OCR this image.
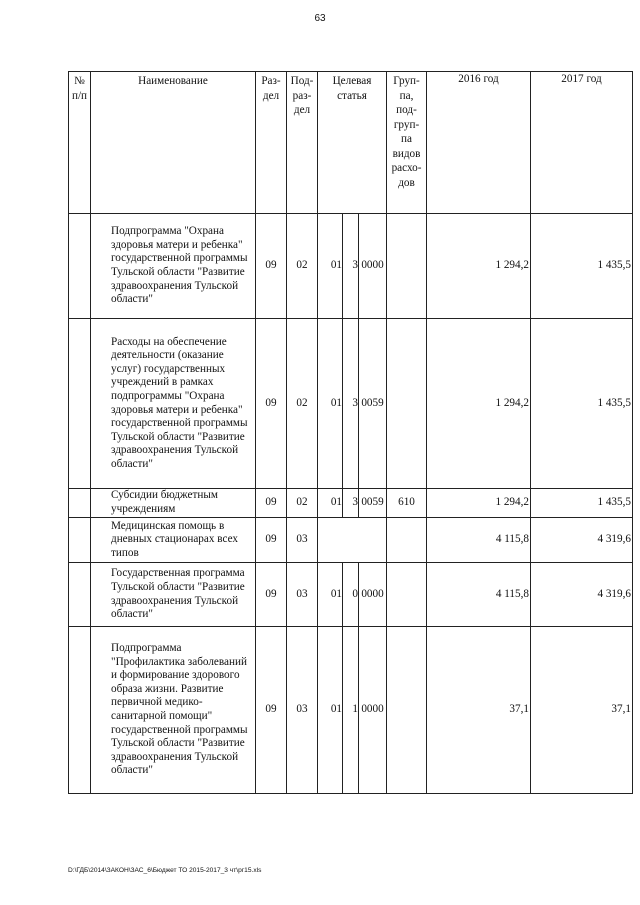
63
№ п/п	Наименование	Раз-дел	Под-раз-дел	Целевая статья			Груп-па, под-груп-па видов расхо-дов	2016 год	2017 год
	Подпрограмма "Охрана здоровья матери и ребенка" государственной программы Тульской области "Развитие здравоохранения Тульской области"	09	02	01	3	0000		1 294,2	1 435,5
	Расходы на обеспечение деятельности (оказание услуг) государственных учреждений в рамках подпрограммы "Охрана здоровья матери и ребенка" государственной программы Тульской области "Развитие здравоохранения Тульской области"	09	02	01	3	0059		1 294,2	1 435,5
	Субсидии бюджетным учреждениям	09	02	01	3	0059	610	1 294,2	1 435,5
	Медицинская помощь в дневных стационарах всех типов	09	03					4 115,8	4 319,6
	Государственная программа Тульской области "Развитие здравоохранения Тульской области"	09	03	01	0	0000		4 115,8	4 319,6
	Подпрограмма "Профилактика заболеваний и формирование здорового образа жизни. Развитие первичной медико-санитарной помощи" государственной программы Тульской области "Развитие здравоохранения Тульской области"	09	03	01	1	0000		37,1	37,1
D:\ГДБ\2014\ЗАКОН\ЗАС_6\Бюджет ТО 2015-2017_3 чт\рг15.xls
